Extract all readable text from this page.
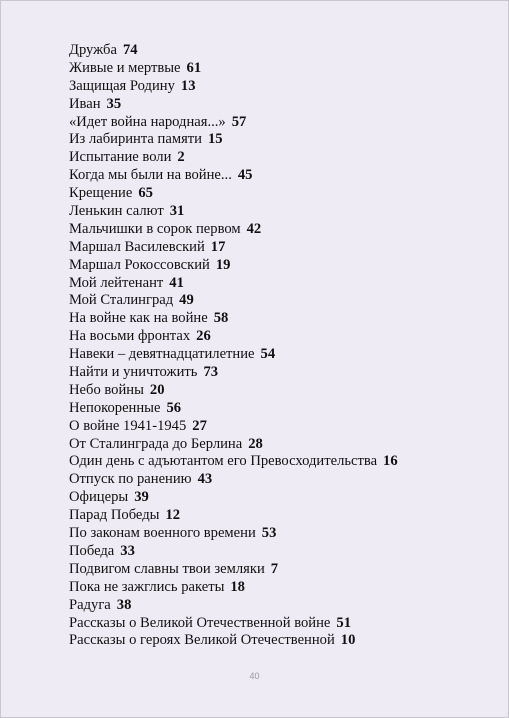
Дружба 74
Живые и мертвые 61
Защищая Родину 13
Иван 35
«Идет война народная...» 57
Из лабиринта памяти 15
Испытание воли 2
Когда мы были на войне... 45
Крещение 65
Ленькин салют 31
Мальчишки в сорок первом 42
Маршал Василевский 17
Маршал Рокоссовский 19
Мой лейтенант 41
Мой Сталинград 49
На войне как на войне 58
На восьми фронтах 26
Навеки – девятнадцатилетние 54
Найти и уничтожить 73
Небо войны 20
Непокоренные 56
О войне 1941-1945 27
От Сталинграда до Берлина 28
Один день с адъютантом его Превосходительства 16
Отпуск по ранению 43
Офицеры 39
Парад Победы 12
По законам военного времени 53
Победа 33
Подвигом славны твои земляки 7
Пока не зажглись ракеты 18
Радуга 38
Рассказы о Великой Отечественной войне 51
Рассказы о героях Великой Отечественной 10
40
